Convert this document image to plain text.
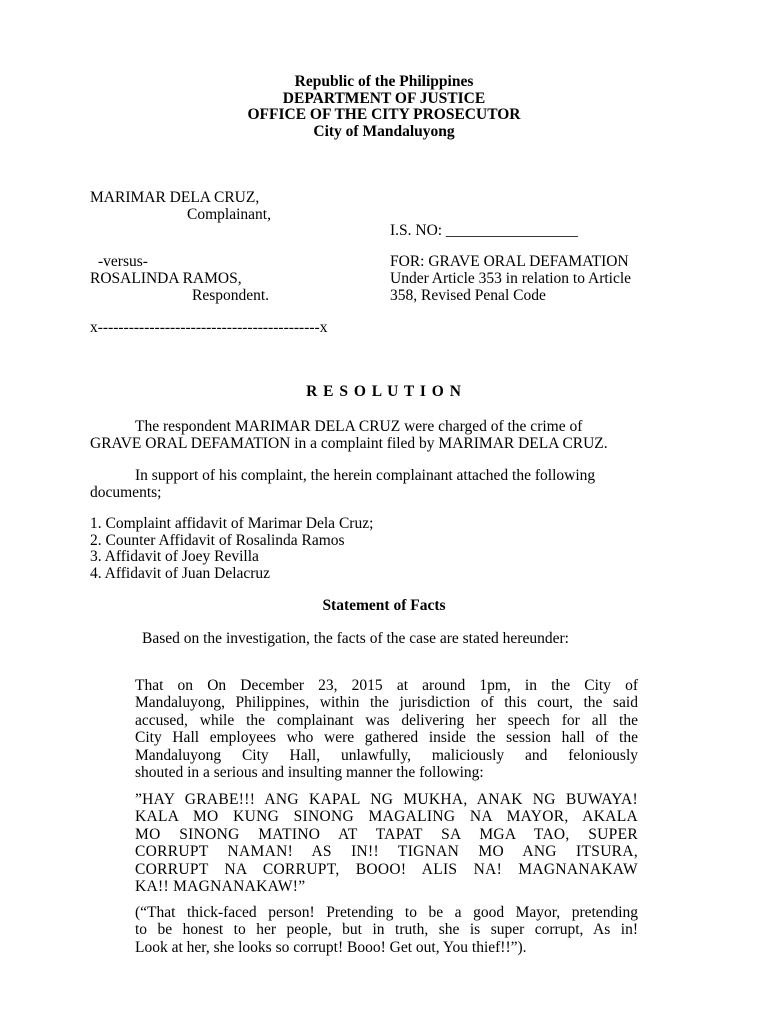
Republic of the Philippines
DEPARTMENT OF JUSTICE
OFFICE OF THE CITY PROSECUTOR
City of Mandaluyong
MARIMAR DELA CRUZ,
Complainant,
I.S. NO: _________________
-versus-
ROSALINDA RAMOS,
Respondent.
FOR: GRAVE ORAL DEFAMATION
Under Article 353 in relation to Article
358, Revised Penal Code
x-------------------------------------------x
R E S O L U T I O N
The respondent MARIMAR DELA CRUZ were charged of the crime of
GRAVE ORAL DEFAMATION in a complaint filed by MARIMAR DELA CRUZ.
In support of his complaint, the herein complainant attached the following
documents;
1. Complaint affidavit of Marimar Dela Cruz;
2. Counter Affidavit of Rosalinda Ramos
3. Affidavit of Joey Revilla
4. Affidavit of Juan Delacruz
Statement of Facts
Based on the investigation, the facts of the case are stated hereunder:
That on On December 23, 2015 at around 1pm, in the City of
Mandaluyong, Philippines, within the jurisdiction of this court, the said
accused, while the complainant was delivering her speech for all the
City Hall employees who were gathered inside the session hall of the
Mandaluyong City Hall, unlawfully, maliciously and feloniously
shouted in a serious and insulting manner the following:
”HAY GRABE!!! ANG KAPAL NG MUKHA, ANAK NG BUWAYA!
KALA MO KUNG SINONG MAGALING NA MAYOR, AKALA
MO SINONG MATINO AT TAPAT SA MGA TAO, SUPER
CORRUPT NAMAN! AS IN!! TIGNAN MO ANG ITSURA,
CORRUPT NA CORRUPT, BOOO! ALIS NA! MAGNANAKAW
KA!! MAGNANAKAW!”
(“That thick-faced person! Pretending to be a good Mayor, pretending
to be honest to her people, but in truth, she is super corrupt, As in!
Look at her, she looks so corrupt! Booo! Get out, You thief!!”).
